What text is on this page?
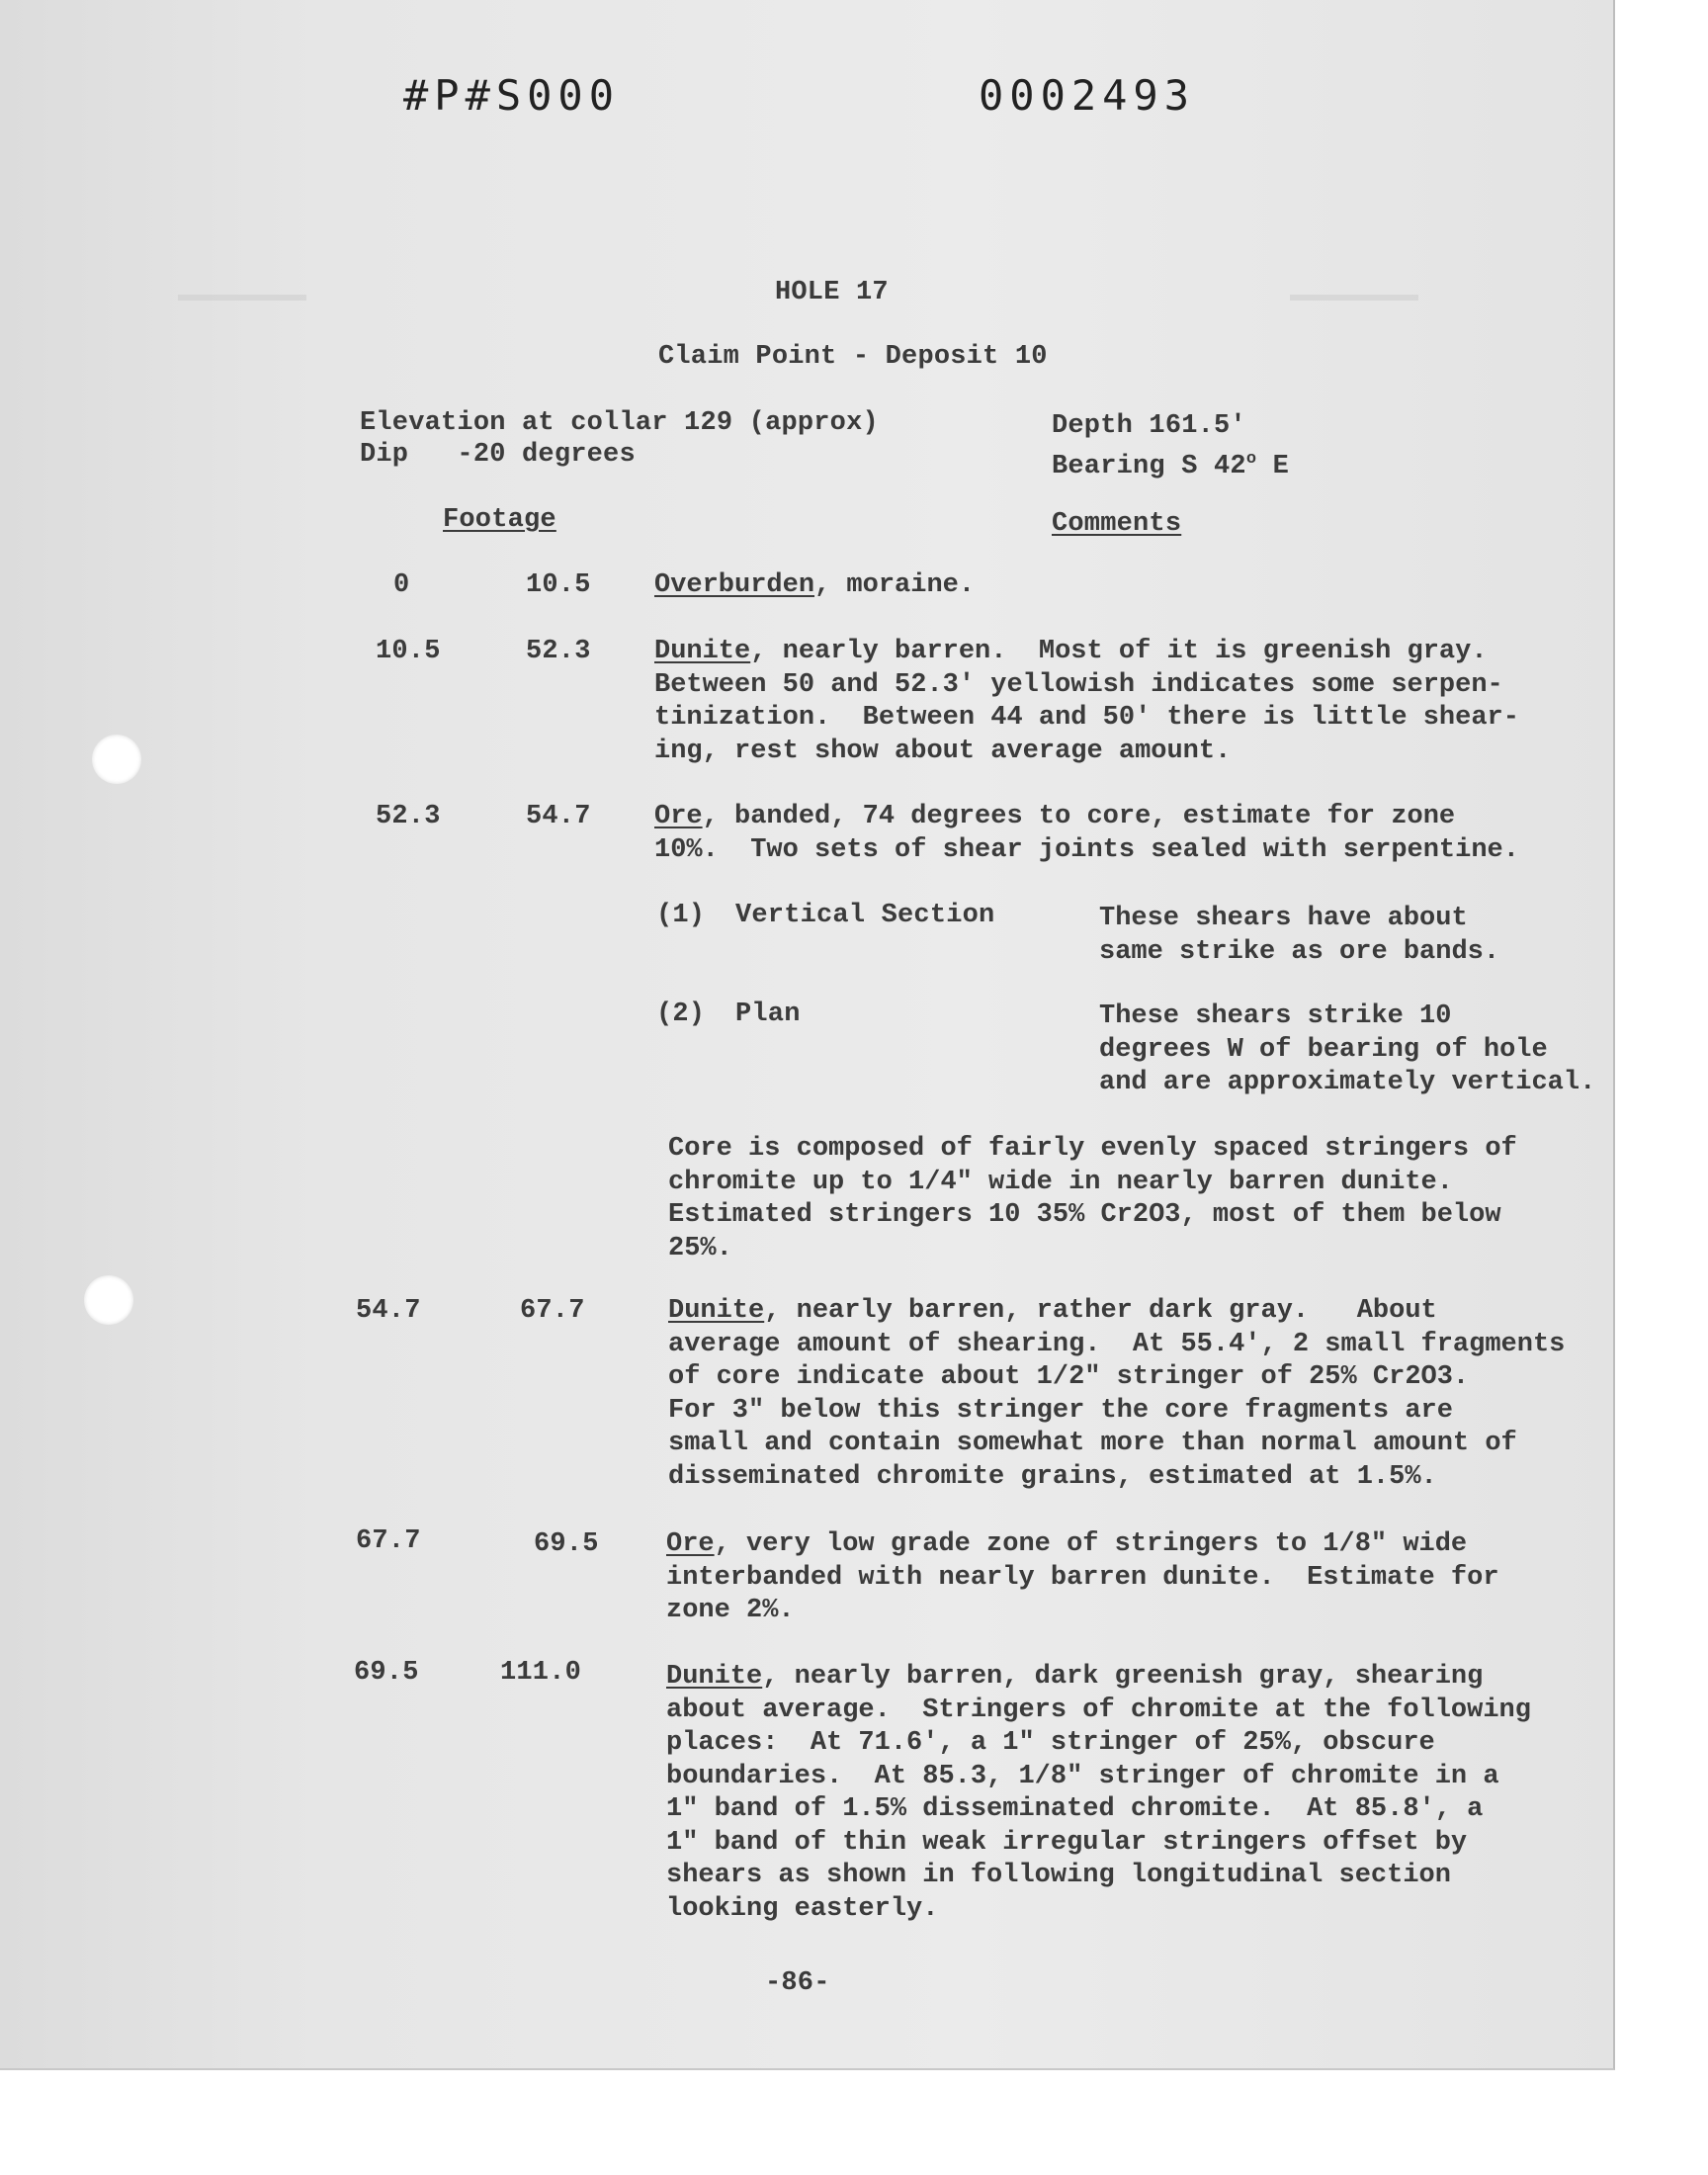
#P#S000	0002493
HOLE 17
Claim Point - Deposit 10
Elevation at collar 129 (approx)
Dip   -20 degrees
Depth 161.5'
Bearing S 42$^o$ E
Footage	Comments
0	10.5 Overburden, moraine.
10.5	52.3 Dunite, nearly barren.  Most of it is greenish gray.
Between 50 and 52.3' yellowish indicates some serpen-
tinization.  Between 44 and 50' there is little shear-
ing, rest show about average amount.
52.3	54.7 Ore, banded, 74 degrees to core, estimate for zone
10%.  Two sets of shear joints sealed with serpentine.
(1) Vertical Section	These shears have about
same strike as ore bands.
(2) Plan	These shears strike 10
degrees W of bearing of hole
and are approximately vertical.
Core is composed of fairly evenly spaced stringers of
chromite up to 1/4" wide in nearly barren dunite.
Estimated stringers 10 35% Cr2O3, most of them below
25%.
54.7	67.7	Dunite, nearly barren, rather dark gray.   About
average amount of shearing.  At 55.4', 2 small fragments
of core indicate about 1/2" stringer of 25% Cr2O3.
For 3" below this stringer the core fragments are
small and contain somewhat more than normal amount of
disseminated chromite grains, estimated at 1.5%.
67.7	69.5	Ore, very low grade zone of stringers to 1/8" wide
interbanded with nearly barren dunite.  Estimate for
zone 2%.
69.5	111.0	Dunite, nearly barren, dark greenish gray, shearing
about average.  Stringers of chromite at the following
places:  At 71.6', a 1" stringer of 25%, obscure
boundaries.  At 85.3, 1/8" stringer of chromite in a
1" band of 1.5% disseminated chromite.  At 85.8', a
1" band of thin weak irregular stringers offset by
shears as shown in following longitudinal section
looking easterly.
-86-
